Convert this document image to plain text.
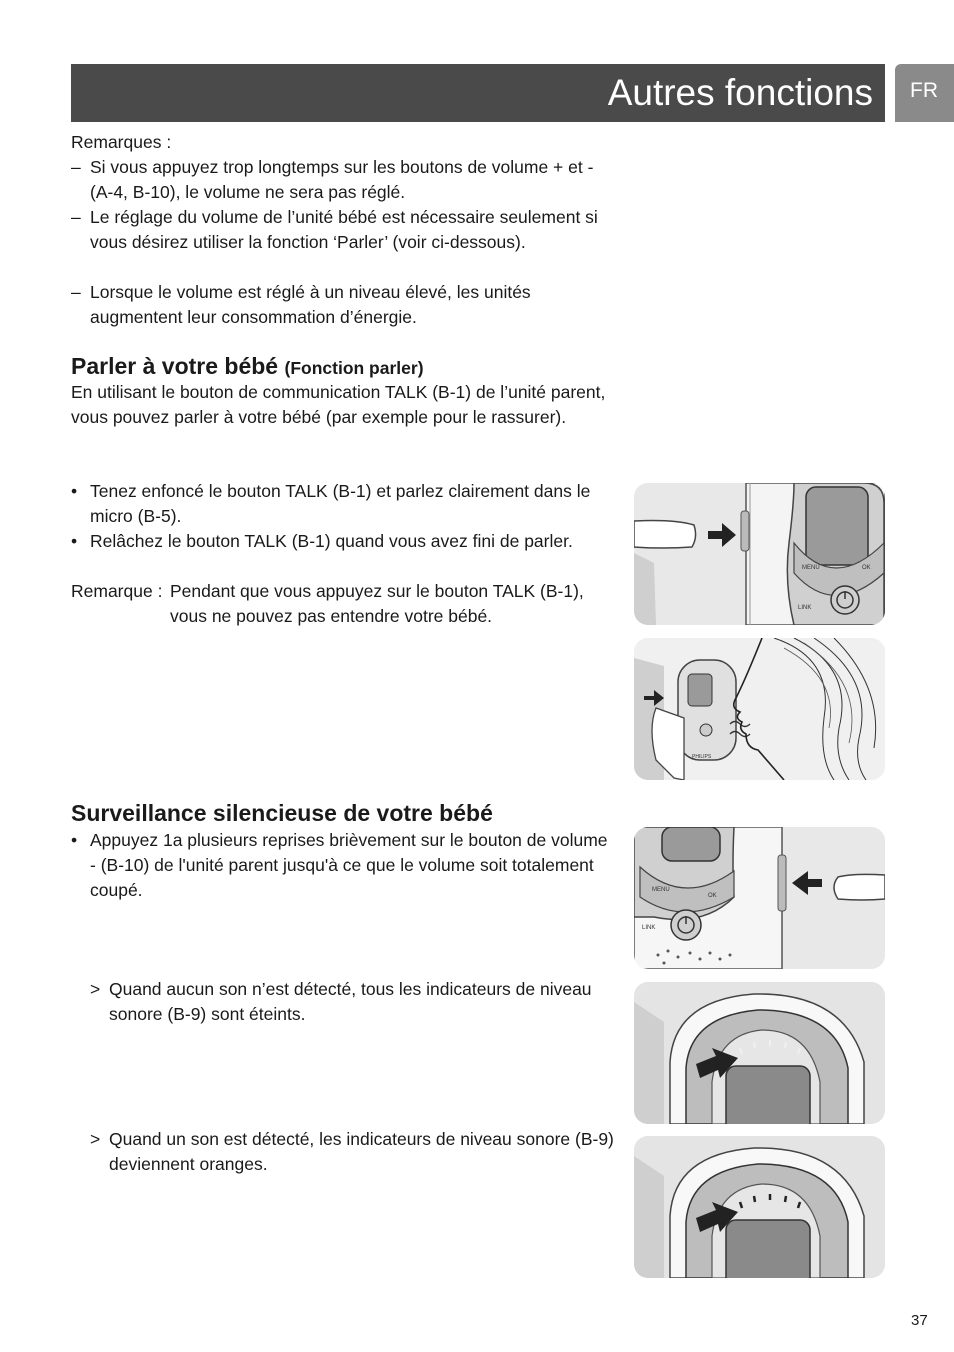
Autres fonctions FR
Remarques :
– Si vous appuyez trop longtemps sur les boutons de volume + et - (A-4, B-10), le volume ne sera pas réglé.
– Le réglage du volume de l’unité bébé est nécessaire seulement si vous désirez utiliser la fonction ‘Parler’ (voir ci-dessous).
– Lorsque le volume est réglé à un niveau élevé, les unités augmentent leur consommation d’énergie.
Parler à votre bébé (Fonction parler)
En utilisant le bouton de communication TALK (B-1) de l’unité parent, vous pouvez parler à votre bébé (par exemple pour le rassurer).
• Tenez enfoncé le bouton TALK (B-1) et parlez clairement dans le micro (B-5).
• Relâchez le bouton TALK (B-1) quand vous avez fini de parler.
Remarque : Pendant que vous appuyez sur le bouton TALK (B-1), vous ne pouvez pas entendre votre bébé.
Surveillance silencieuse de votre bébé
• Appuyez 1a plusieurs reprises brièvement sur le bouton de volume - (B-10) de l'unité parent jusqu'à ce que le volume soit totalement coupé.
> Quand aucun son n’est détecté, tous les indicateurs de niveau sonore (B-9) sont éteints.
> Quand un son est détecté, les indicateurs de niveau sonore (B-9) deviennent oranges.
MENU	OK
LINK
PHILIPS
MENU
OK
LINK
37
